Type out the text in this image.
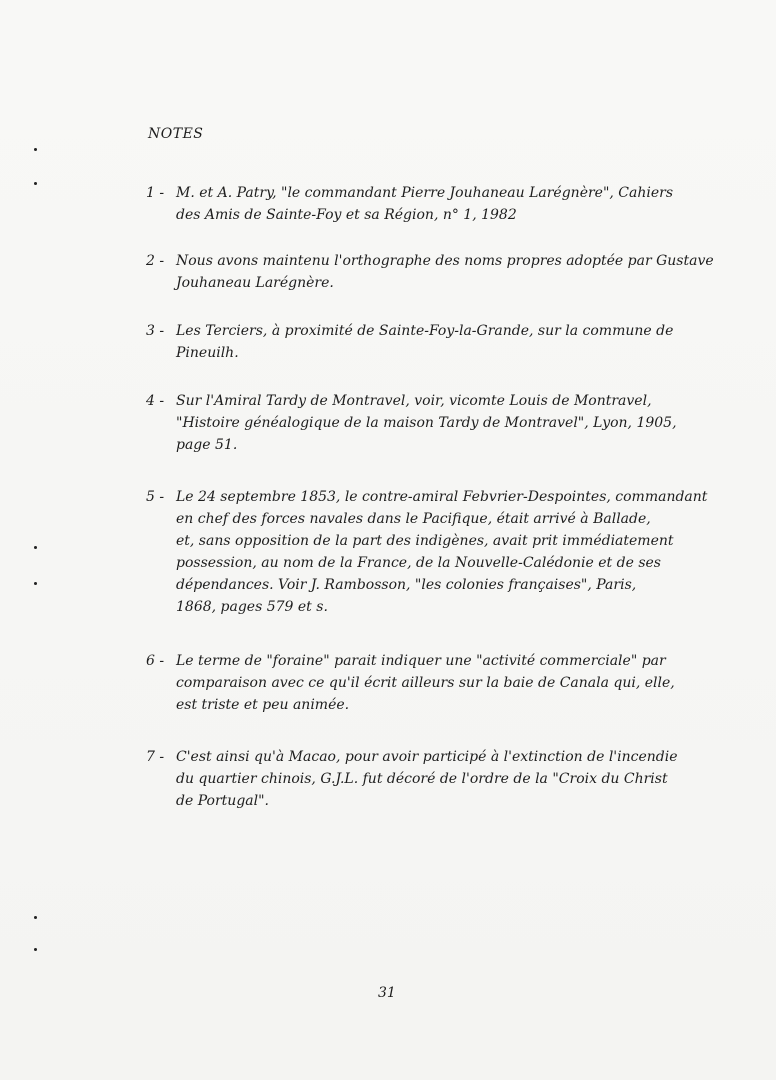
NOTES
1 - M. et A. Patry, "le commandant Pierre Jouhaneau Larégnère", Cahiers
des Amis de Sainte-Foy et sa Région, n° 1, 1982
2 - Nous avons maintenu l'orthographe des noms propres adoptée par Gustave
Jouhaneau Larégnère.
3 - Les Terciers, à proximité de Sainte-Foy-la-Grande, sur la commune de
Pineuilh.
4 - Sur l'Amiral Tardy de Montravel, voir, vicomte Louis de Montravel,
"Histoire généalogique de la maison Tardy de Montravel", Lyon, 1905,
page 51.
5 - Le 24 septembre 1853, le contre-amiral Febvrier-Despointes, commandant
en chef des forces navales dans le Pacifique, était arrivé à Ballade,
et, sans opposition de la part des indigènes, avait prit immédiatement
possession, au nom de la France, de la Nouvelle-Calédonie et de ses
dépendances. Voir J. Rambosson, "les colonies françaises", Paris,
1868, pages 579 et s.
6 - Le terme de "foraine" parait indiquer une "activité commerciale" par
comparaison avec ce qu'il écrit ailleurs sur la baie de Canala qui, elle,
est triste et peu animée.
7 - C'est ainsi qu'à Macao, pour avoir participé à l'extinction de l'incendie
du quartier chinois, G.J.L. fut décoré de l'ordre de la "Croix du Christ
de Portugal".
31
